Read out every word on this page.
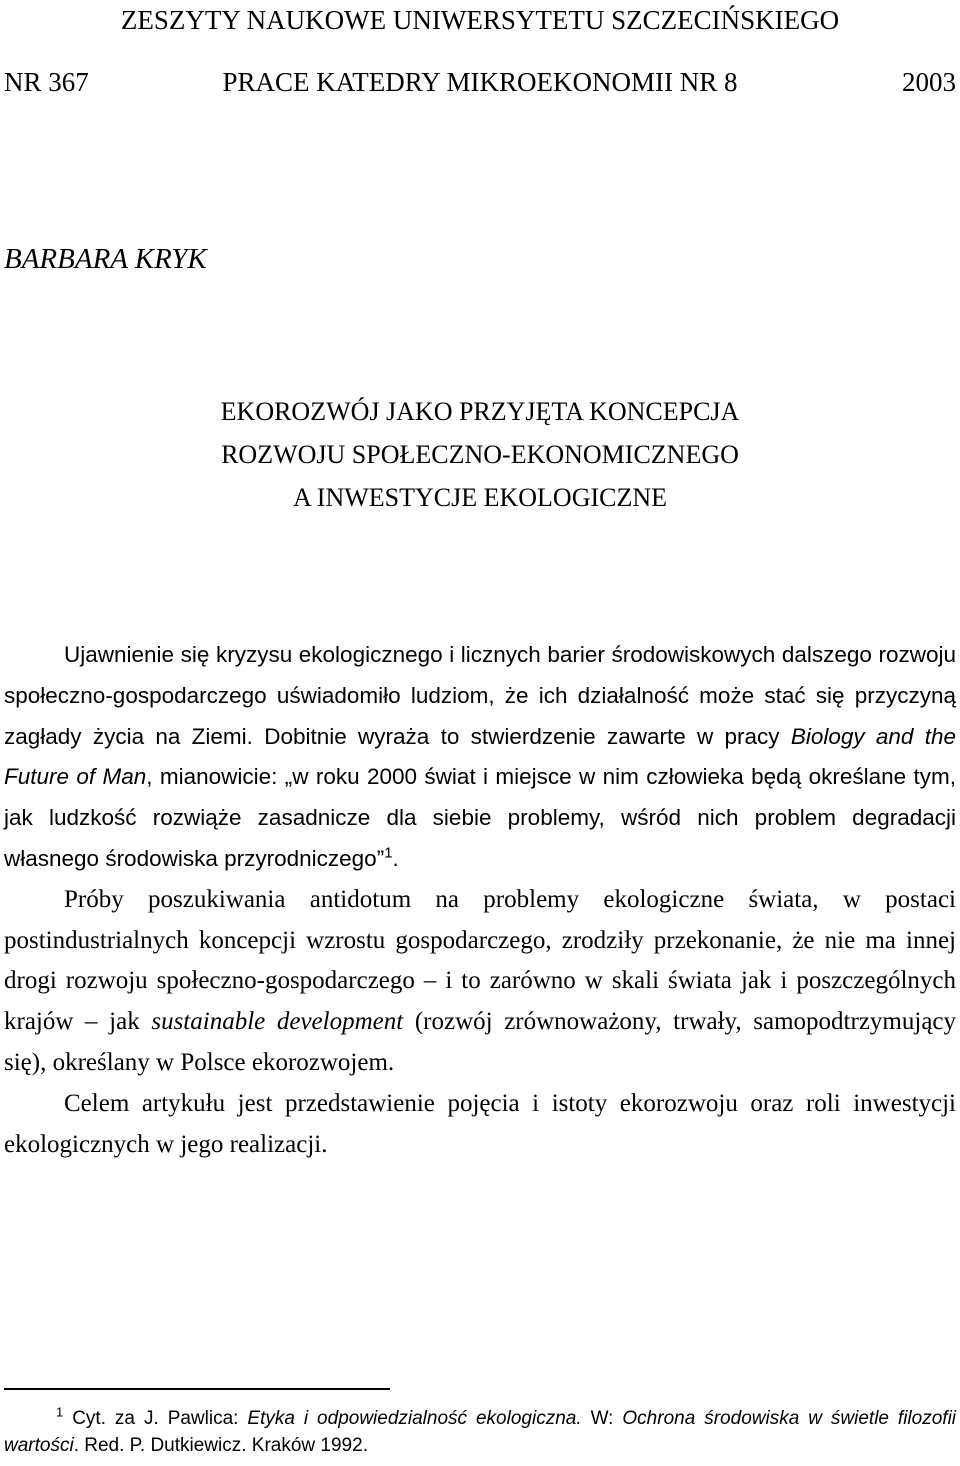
ZESZYTY NAUKOWE UNIWERSYTETU SZCZECIŃSKIEGO
PRACE KATEDRY MIKROEKONOMII NR 8
NR 367	2003
BARBARA KRYK
EKOROZWÓJ JAKO PRZYJĘTA KONCEPCJA
ROZWOJU SPOŁECZNO-EKONOMICZNEGO
A INWESTYCJE EKOLOGICZNE

Ujawnienie się kryzysu ekologicznego i licznych barier środowiskowych dalszego rozwoju społeczno-gospodarczego uświadomiło ludziom, że ich działalność może stać się przyczyną zagłady życia na Ziemi. Dobitnie wyraża to stwierdzenie zawarte w pracy Biology and the Future of Man, mianowicie: „w roku 2000 świat i miejsce w nim człowieka będą określane tym, jak ludzkość rozwiąże zasadnicze dla siebie problemy, wśród nich problem degradacji własnego środowiska przyrodniczego”$^1$.

Próby poszukiwania antidotum na problemy ekologiczne świata, w postaci postindustrialnych koncepcji wzrostu gospodarczego, zrodziły przekonanie, że nie ma innej drogi rozwoju społeczno-gospodarczego – i to zarówno w skali świata jak i poszczególnych krajów – jak sustainable development (rozwój zrównoważony, trwały, samopodtrzymujący się), określany w Polsce ekorozwojem.

Celem artykułu jest przedstawienie pojęcia i istoty ekorozwoju oraz roli inwestycji ekologicznych w jego realizacji.

$^1$ Cyt. za J. Pawlica: Etyka i odpowiedzialność ekologiczna. W: Ochrona środowiska w świetle filozofii wartości. Red. P. Dutkiewicz. Kraków 1992.
